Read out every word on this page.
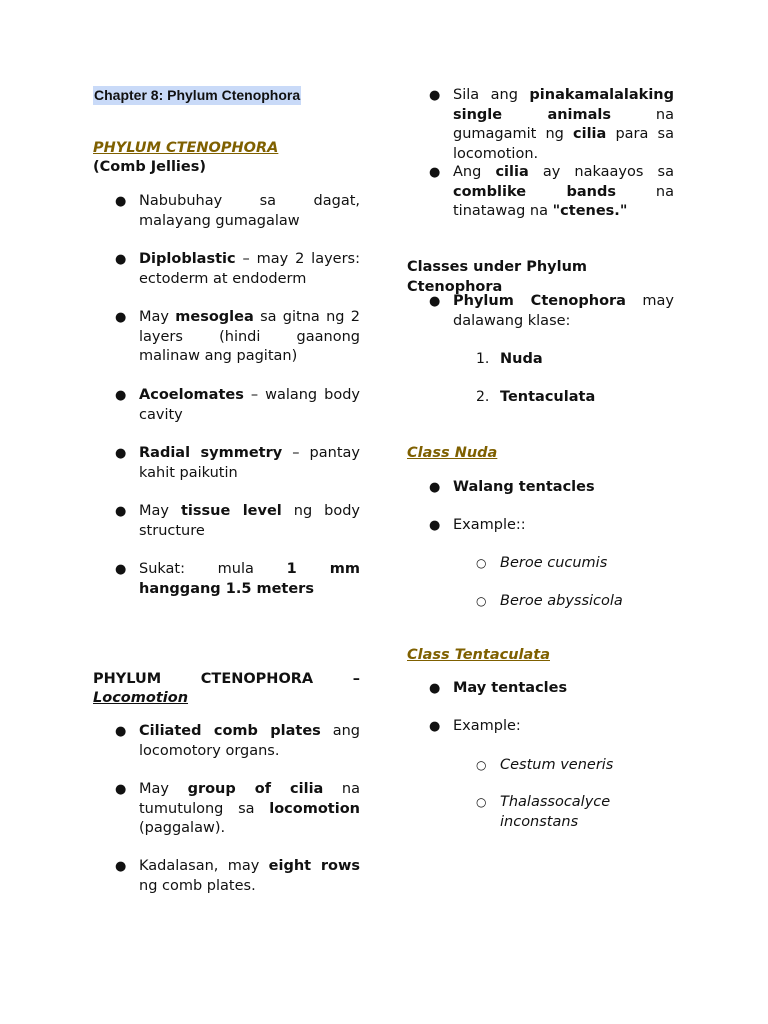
Chapter 8: Phylum Ctenophora
PHYLUM CTENOPHORA
(Comb Jellies)
● Nabubuhay sa dagat, malayang gumagalaw
● Diploblastic – may 2 layers: ectoderm at endoderm
● May mesoglea sa gitna ng 2 layers (hindi gaanong malinaw ang pagitan)
● Acoelomates – walang body cavity
● Radial symmetry – pantay kahit paikutin
● May tissue level ng body structure
● Sukat: mula 1 mm hanggang 1.5 meters
PHYLUM	CTENOPHORA	–
Locomotion
● Ciliated comb plates ang locomotory organs.
● May group of cilia na tumutulong sa locomotion (paggalaw).
● Kadalasan, may eight rows ng comb plates.
● Sila ang pinakamalalaking single animals na gumagamit ng cilia para sa locomotion.
● Ang cilia ay nakaayos sa comblike bands na tinatawag na "ctenes."
Classes under Phylum Ctenophora
● Phylum Ctenophora may dalawang klase:
1. Nuda
2. Tentaculata
Class Nuda
● Walang tentacles
● Example::
○ Beroe cucumis
○ Beroe abyssicola
Class Tentaculata
● May tentacles
● Example:
○ Cestum veneris
○ Thalassocalyce inconstans
